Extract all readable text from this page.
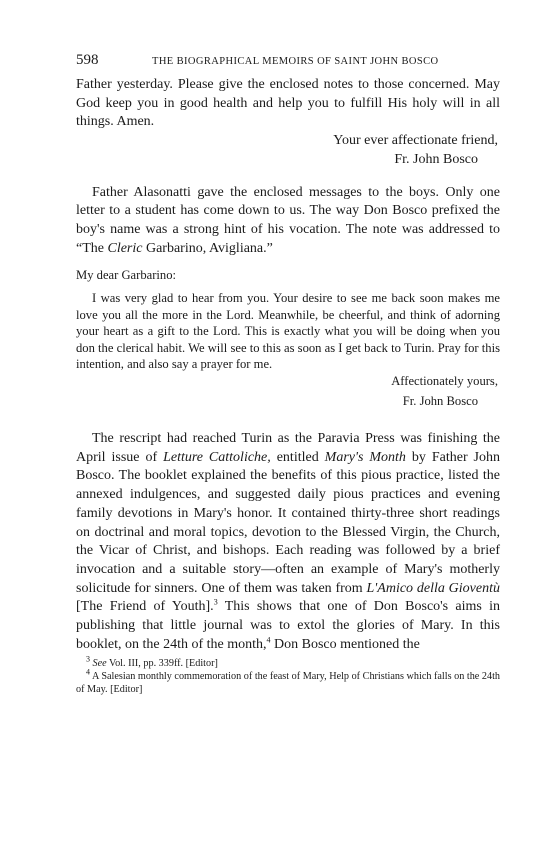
598	THE BIOGRAPHICAL MEMOIRS OF SAINT JOHN BOSCO

Father yesterday. Please give the enclosed notes to those concerned. May God keep you in good health and help you to fulfill His holy will in all things. Amen.

Your ever affectionate friend,

Fr. John Bosco

Father Alasonatti gave the enclosed messages to the boys. Only one letter to a student has come down to us. The way Don Bosco prefixed the boy's name was a strong hint of his vocation. The note was addressed to “The Cleric Garbarino, Avigliana.”

My dear Garbarino:

I was very glad to hear from you. Your desire to see me back soon makes me love you all the more in the Lord. Meanwhile, be cheerful, and think of adorning your heart as a gift to the Lord. This is exactly what you will be doing when you don the clerical habit. We will see to this as soon as I get back to Turin. Pray for this intention, and also say a prayer for me.

Affectionately yours,

Fr. John Bosco

The rescript had reached Turin as the Paravia Press was finishing the April issue of Letture Cattoliche, entitled Mary's Month by Father John Bosco. The booklet explained the benefits of this pious practice, listed the annexed indulgences, and suggested daily pious practices and evening family devotions in Mary's honor. It contained thirty-three short readings on doctrinal and moral topics, devotion to the Blessed Virgin, the Church, the Vicar of Christ, and bishops. Each reading was followed by a brief invocation and a suitable story—often an example of Mary's motherly solicitude for sinners. One of them was taken from L'Amico della Gioventù [The Friend of Youth].$^3$ This shows that one of Don Bosco's aims in publishing that little journal was to extol the glories of Mary. In this booklet, on the 24th of the month,$^4$ Don Bosco mentioned the

$^3$ See Vol. III, pp. 339ff. [Editor]

$^4$ A Salesian monthly commemoration of the feast of Mary, Help of Christians which falls on the 24th of May. [Editor]
